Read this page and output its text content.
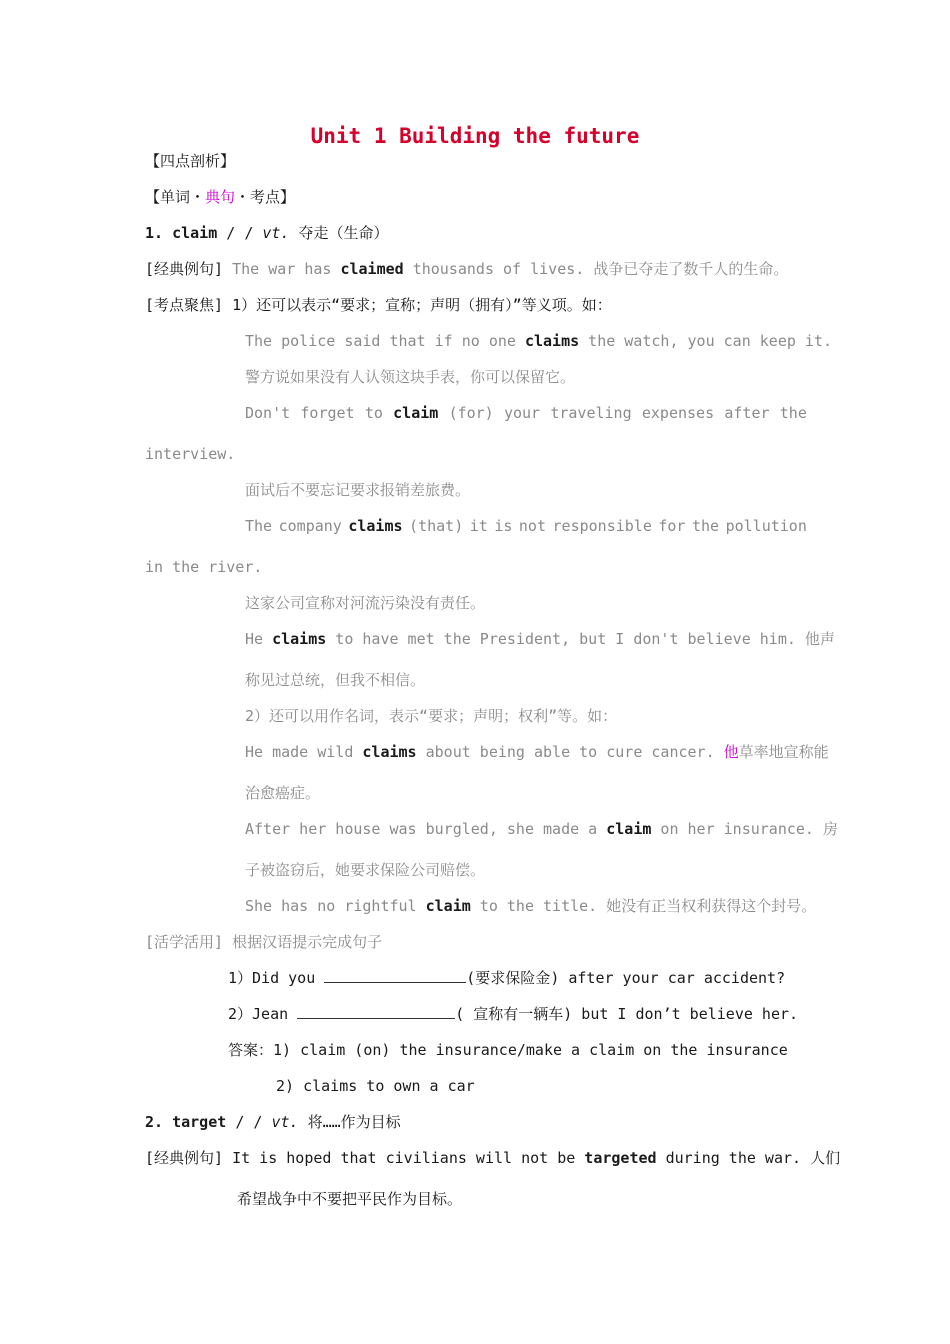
Unit 1 Building the future
【四点剖析】
【单词・典句・考点】
1. claim / / vt. 夺走（生命）
[经典例句] The war has claimed thousands of lives. 战争已夺走了数千人的生命。
[考点聚焦] 1）还可以表示“要求；宣称；声明（拥有）”等义项。如：
The police said that if no one claims the watch, you can keep it.
警方说如果没有人认领这块手表，你可以保留它。
Don't forget to claim (for) your traveling expenses after the
interview.
面试后不要忘记要求报销差旅费。
The company claims (that) it is not responsible for the pollution
in the river.
这家公司宣称对河流污染没有责任。
He claims to have met the President, but I don't believe him. 他声
称见过总统，但我不相信。
2）还可以用作名词，表示“要求；声明；权利”等。如：
He made wild claims about being able to cure cancer. 他草率地宣称能
治愈癌症。
After her house was burgled, she made a claim on her insurance. 房
子被盗窃后，她要求保险公司赔偿。
She has no rightful claim to the title. 她没有正当权利获得这个封号。
[活学活用] 根据汉语提示完成句子
1）Did you	(要求保险金) after your car accident?
2）Jean	( 宣称有一辆车) but I don’t believe her.
答案：1) claim (on) the insurance/make a claim on the insurance
2) claims to own a car
2. target / / vt. 将……作为目标
[经典例句] It is hoped that civilians will not be targeted during the war. 人们
希望战争中不要把平民作为目标。
